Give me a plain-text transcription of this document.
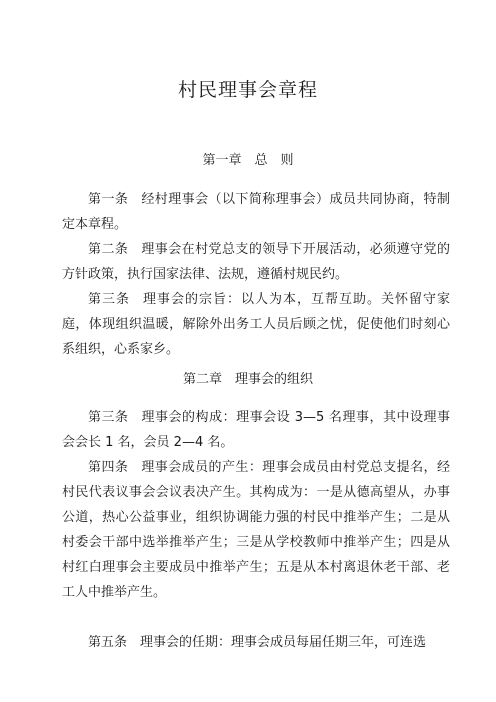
村民理事会章程
第一章　总　则

第一条 经村理事会（以下简称理事会）成员共同协商，特制定本章程。

第二条 理事会在村党总支的领导下开展活动，必须遵守党的方针政策，执行国家法律、法规，遵循村规民约。

第三条 理事会的宗旨：以人为本，互帮互助。关怀留守家庭，体现组织温暖，解除外出务工人员后顾之忧，促使他们时刻心系组织，心系家乡。

第二章　理事会的组织

第三条 理事会的构成：理事会设 3—5 名理事，其中设理事会会长 1 名，会员 2—4 名。

第四条 理事会成员的产生：理事会成员由村党总支提名，经村民代表议事会会议表决产生。其构成为：一是从德高望从，办事公道，热心公益事业，组织协调能力强的村民中推举产生；二是从村委会干部中选举推举产生；三是从学校教师中推举产生；四是从村红白理事会主要成员中推举产生；五是从本村离退休老干部、老工人中推举产生。

第五条 理事会的任期：理事会成员每届任期三年，可连选
